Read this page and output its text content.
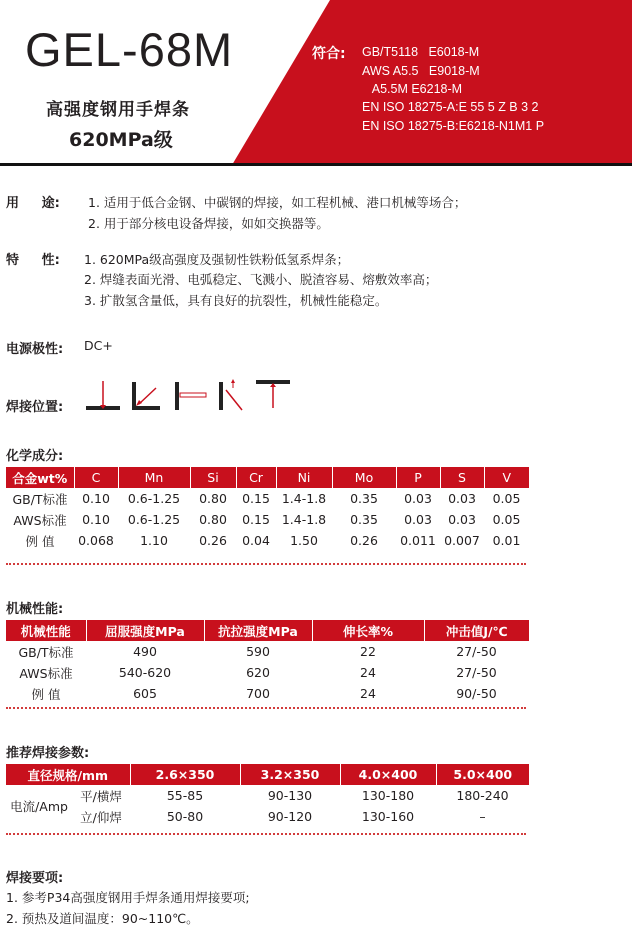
GEL-68M
高强度钢用手焊条
620MPa级
符合: GB/T5118   E6018-M
AWS A5.5   E9018-M
A5.5M E6218-M
EN ISO 18275-A:E 55 5 Z B 3 2
EN ISO 18275-B:E6218-N1M1 P
用     途: 1. 适用于低合金钢、中碳钢的焊接，如工程机械、港口机械等场合；
2. 用于部分核电设备焊接，如如交换器等。
特     性: 1. 620MPa级高强度及强韧性铁粉低氢系焊条；
2. 焊缝表面光滑、电弧稳定、飞溅小、脱渣容易、熔敷效率高；
3. 扩散氢含量低，具有良好的抗裂性，机械性能稳定。
电源极性: DC+
焊接位置:
化学成分:
合金wt%	C	Mn	Si	Cr	Ni	Mo	P	S	V
GB/T标准	0.10	0.6-1.25	0.80	0.15	1.4-1.8	0.35	0.03	0.03	0.05
AWS标准	0.10	0.6-1.25	0.80	0.15	1.4-1.8	0.35	0.03	0.03	0.05
例 值	0.068	1.10	0.26	0.04	1.50	0.26	0.011	0.007	0.01
机械性能:
机械性能	屈服强度MPa	抗拉强度MPa	伸长率%	冲击值J/℃
GB/T标准	490	590	22	27/-50
AWS标准	540-620	620	24	27/-50
例 值	605	700	24	90/-50
推荐焊接参数:
直径规格/mm		2.6×350	3.2×350	4.0×400	5.0×400
电流/Amp	平/横焊	55-85	90-130	130-180	180-240
	立/仰焊	50-80	90-120	130-160	–
焊接要项:
1. 参考P34高强度钢用手焊条通用焊接要项;
2. 预热及道间温度：90~110℃。
